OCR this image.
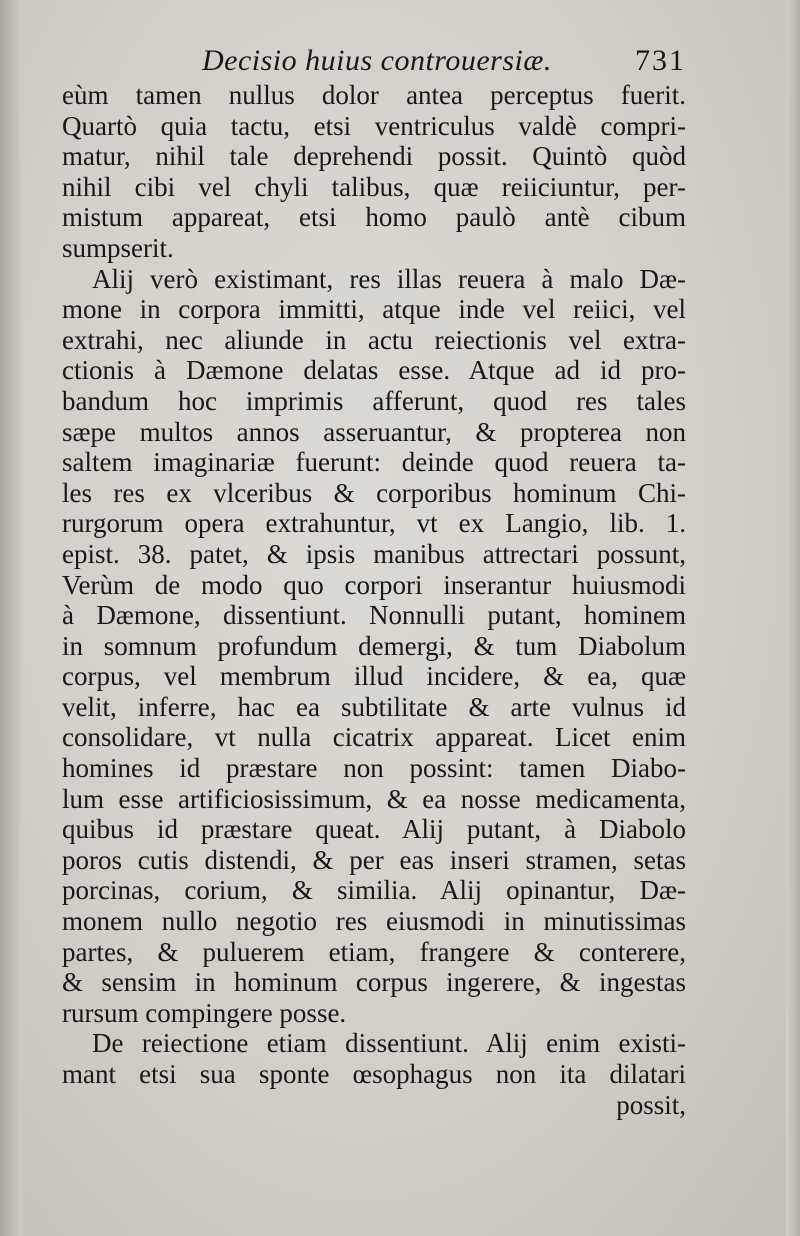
Decisio huius controuersiæ.	731
eùm tamen nullus dolor antea perceptus fuerit.
Quartò quia tactu, etsi ventriculus valdè compri-
matur, nihil tale deprehendi possit. Quintò quòd
nihil cibi vel chyli talibus, quæ reiiciuntur, per-
mistum appareat, etsi homo paulò antè cibum
sumpserit.
Alij verò existimant, res illas reuera à malo Dæ-
mone in corpora immitti, atque inde vel reiici, vel
extrahi, nec aliunde in actu reiectionis vel extra-
ctionis à Dæmone delatas esse. Atque ad id pro-
bandum hoc imprimis afferunt, quod res tales
sæpe multos annos asseruantur, & propterea non
saltem imaginariæ fuerunt: deinde quod reuera ta-
les res ex vlceribus & corporibus hominum Chi-
rurgorum opera extrahuntur, vt ex Langio, lib. 1.
epist. 38. patet, & ipsis manibus attrectari possunt,
Verùm de modo quo corpori inserantur huiusmodi
à Dæmone, dissentiunt. Nonnulli putant, hominem
in somnum profundum demergi, & tum Diabolum
corpus, vel membrum illud incidere, & ea, quæ
velit, inferre, hac ea subtilitate & arte vulnus id
consolidare, vt nulla cicatrix appareat. Licet enim
homines id præstare non possint: tamen Diabo-
lum esse artificiosissimum, & ea nosse medicamenta,
quibus id præstare queat. Alij putant, à Diabolo
poros cutis distendi, & per eas inseri stramen, setas
porcinas, corium, & similia. Alij opinantur, Dæ-
monem nullo negotio res eiusmodi in minutissimas
partes, & puluerem etiam, frangere & conterere,
& sensim in hominum corpus ingerere, & ingestas
rursum compingere posse.
De reiectione etiam dissentiunt. Alij enim existi-
mant etsi sua sponte œsophagus non ita dilatari
possit,
